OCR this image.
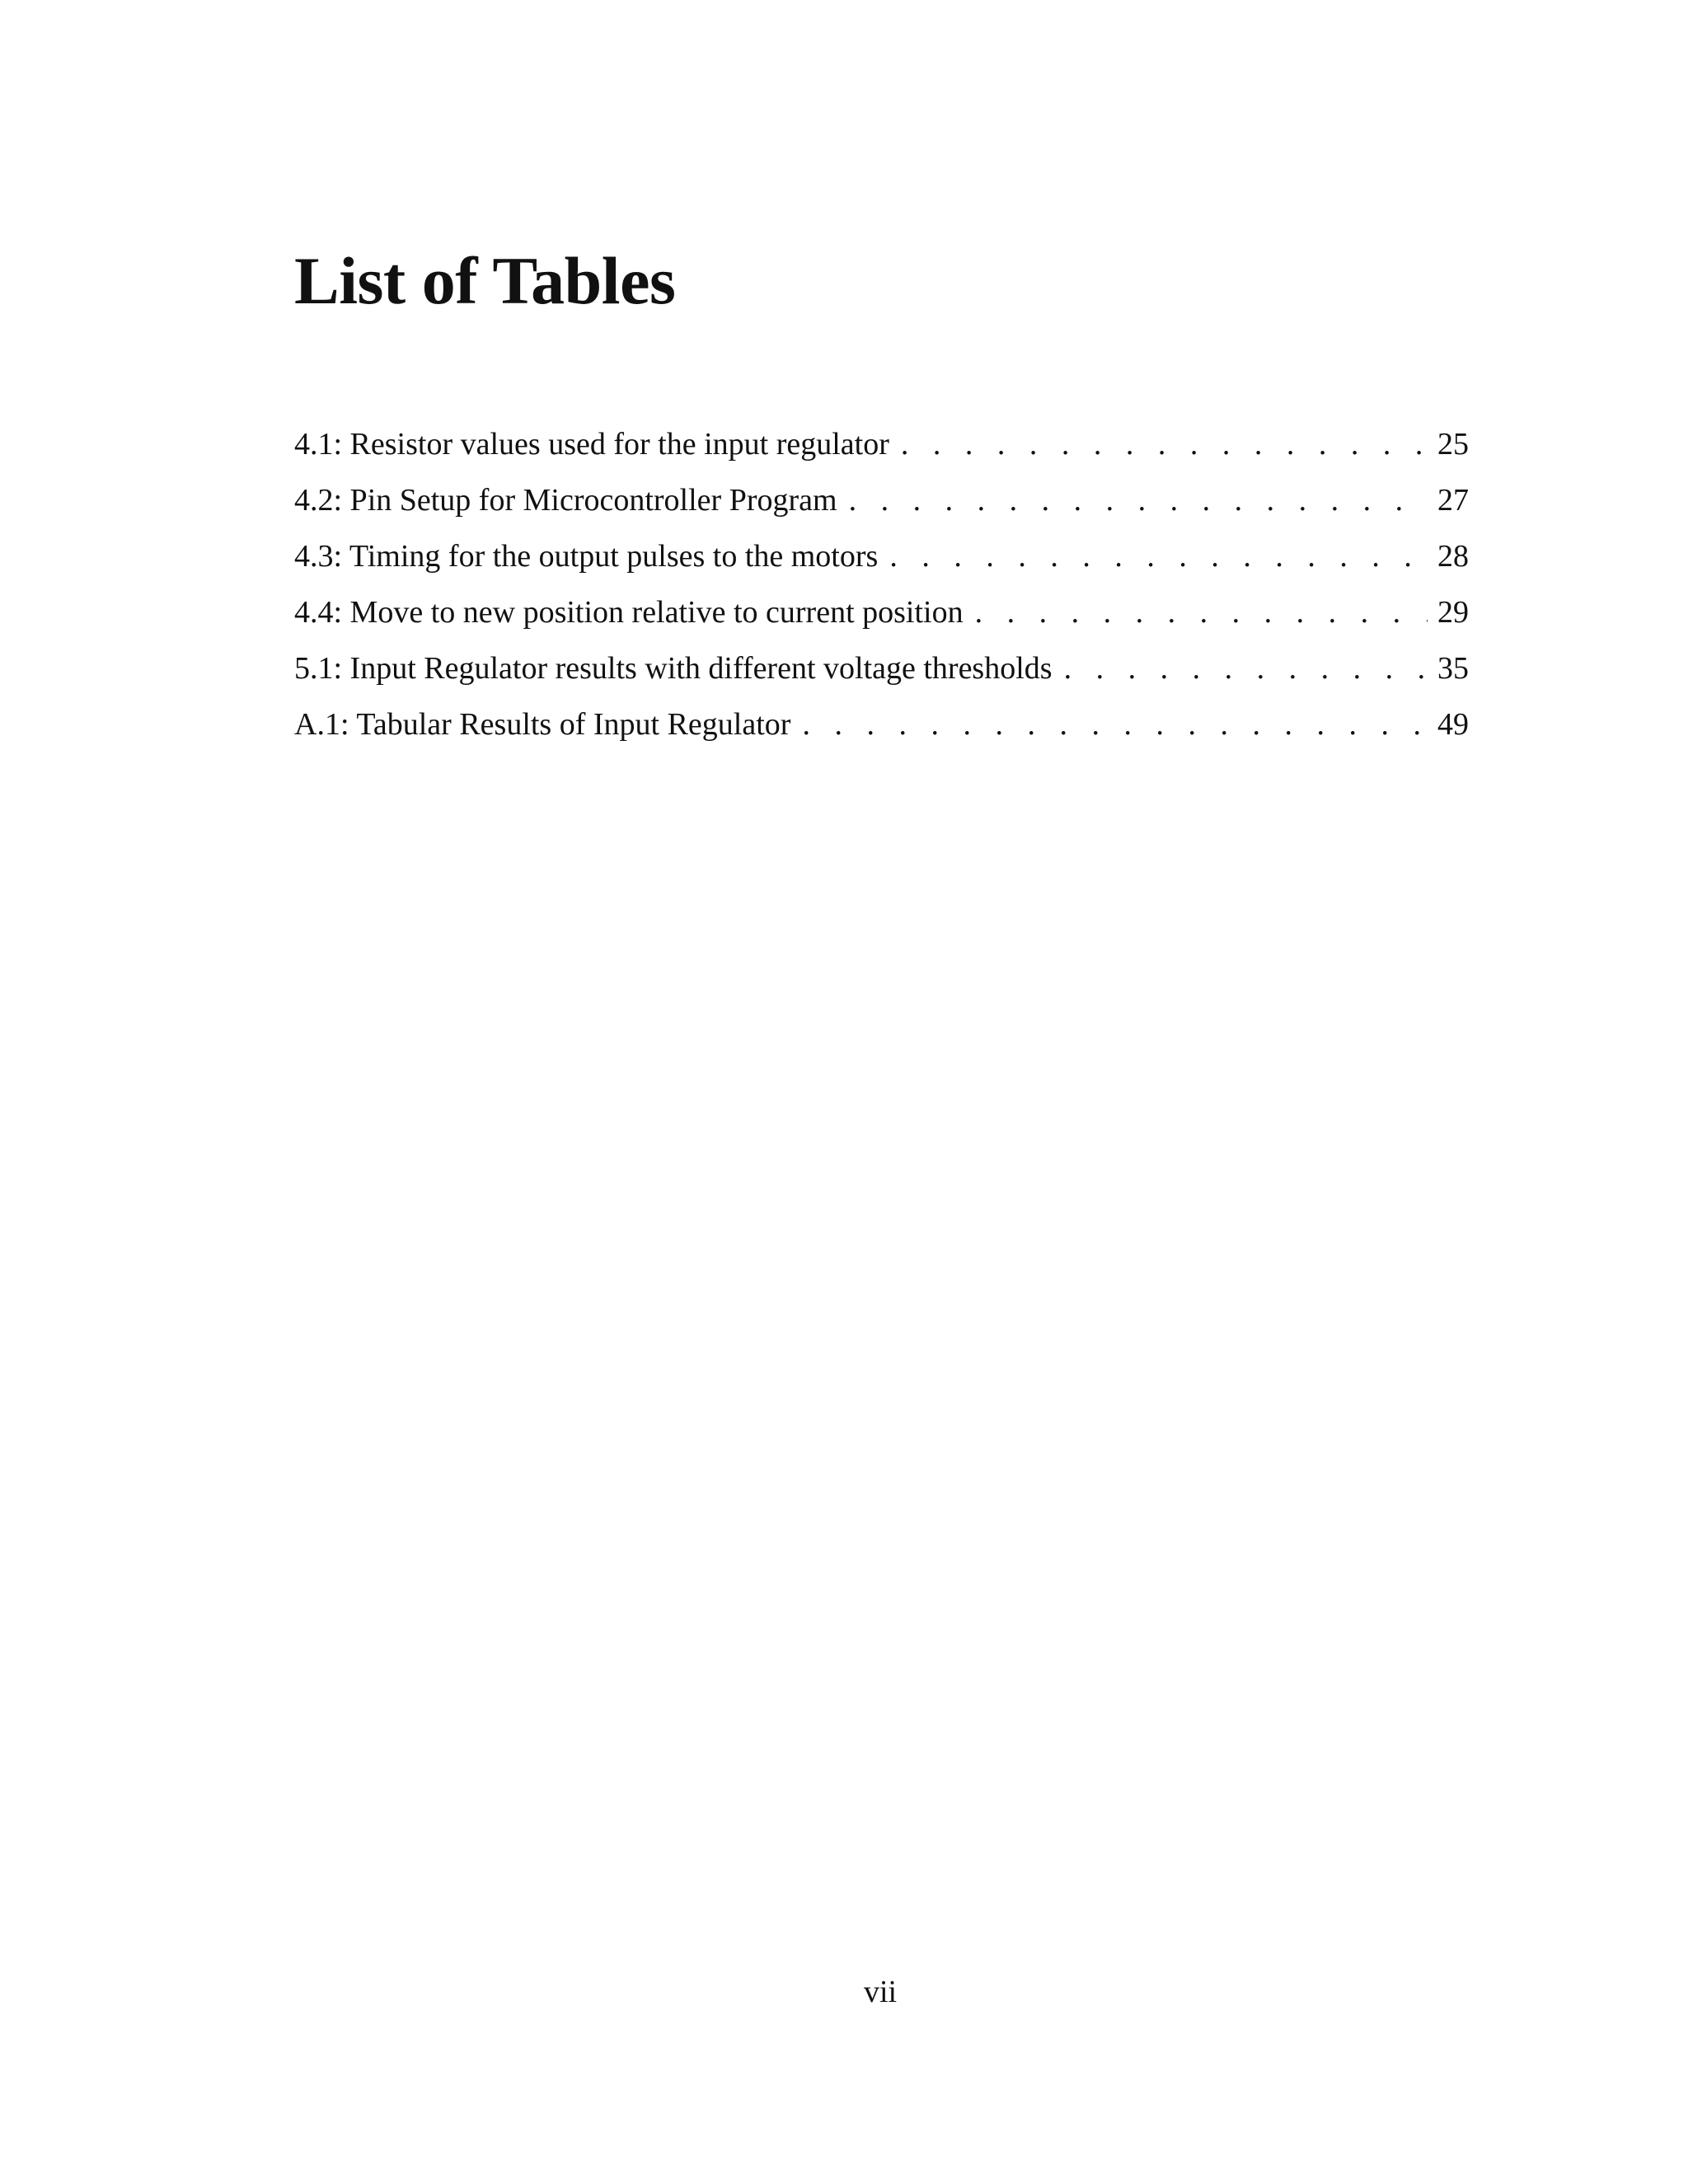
List of Tables
4.1: Resistor values used for the input regulator . . .	25
4.2: Pin Setup for Microcontroller Program . . .	27
4.3: Timing for the output pulses to the motors . . .	28
4.4: Move to new position relative to current position . . .	29
5.1: Input Regulator results with different voltage thresholds . . .	35
A.1: Tabular Results of Input Regulator . . .	49
vii
